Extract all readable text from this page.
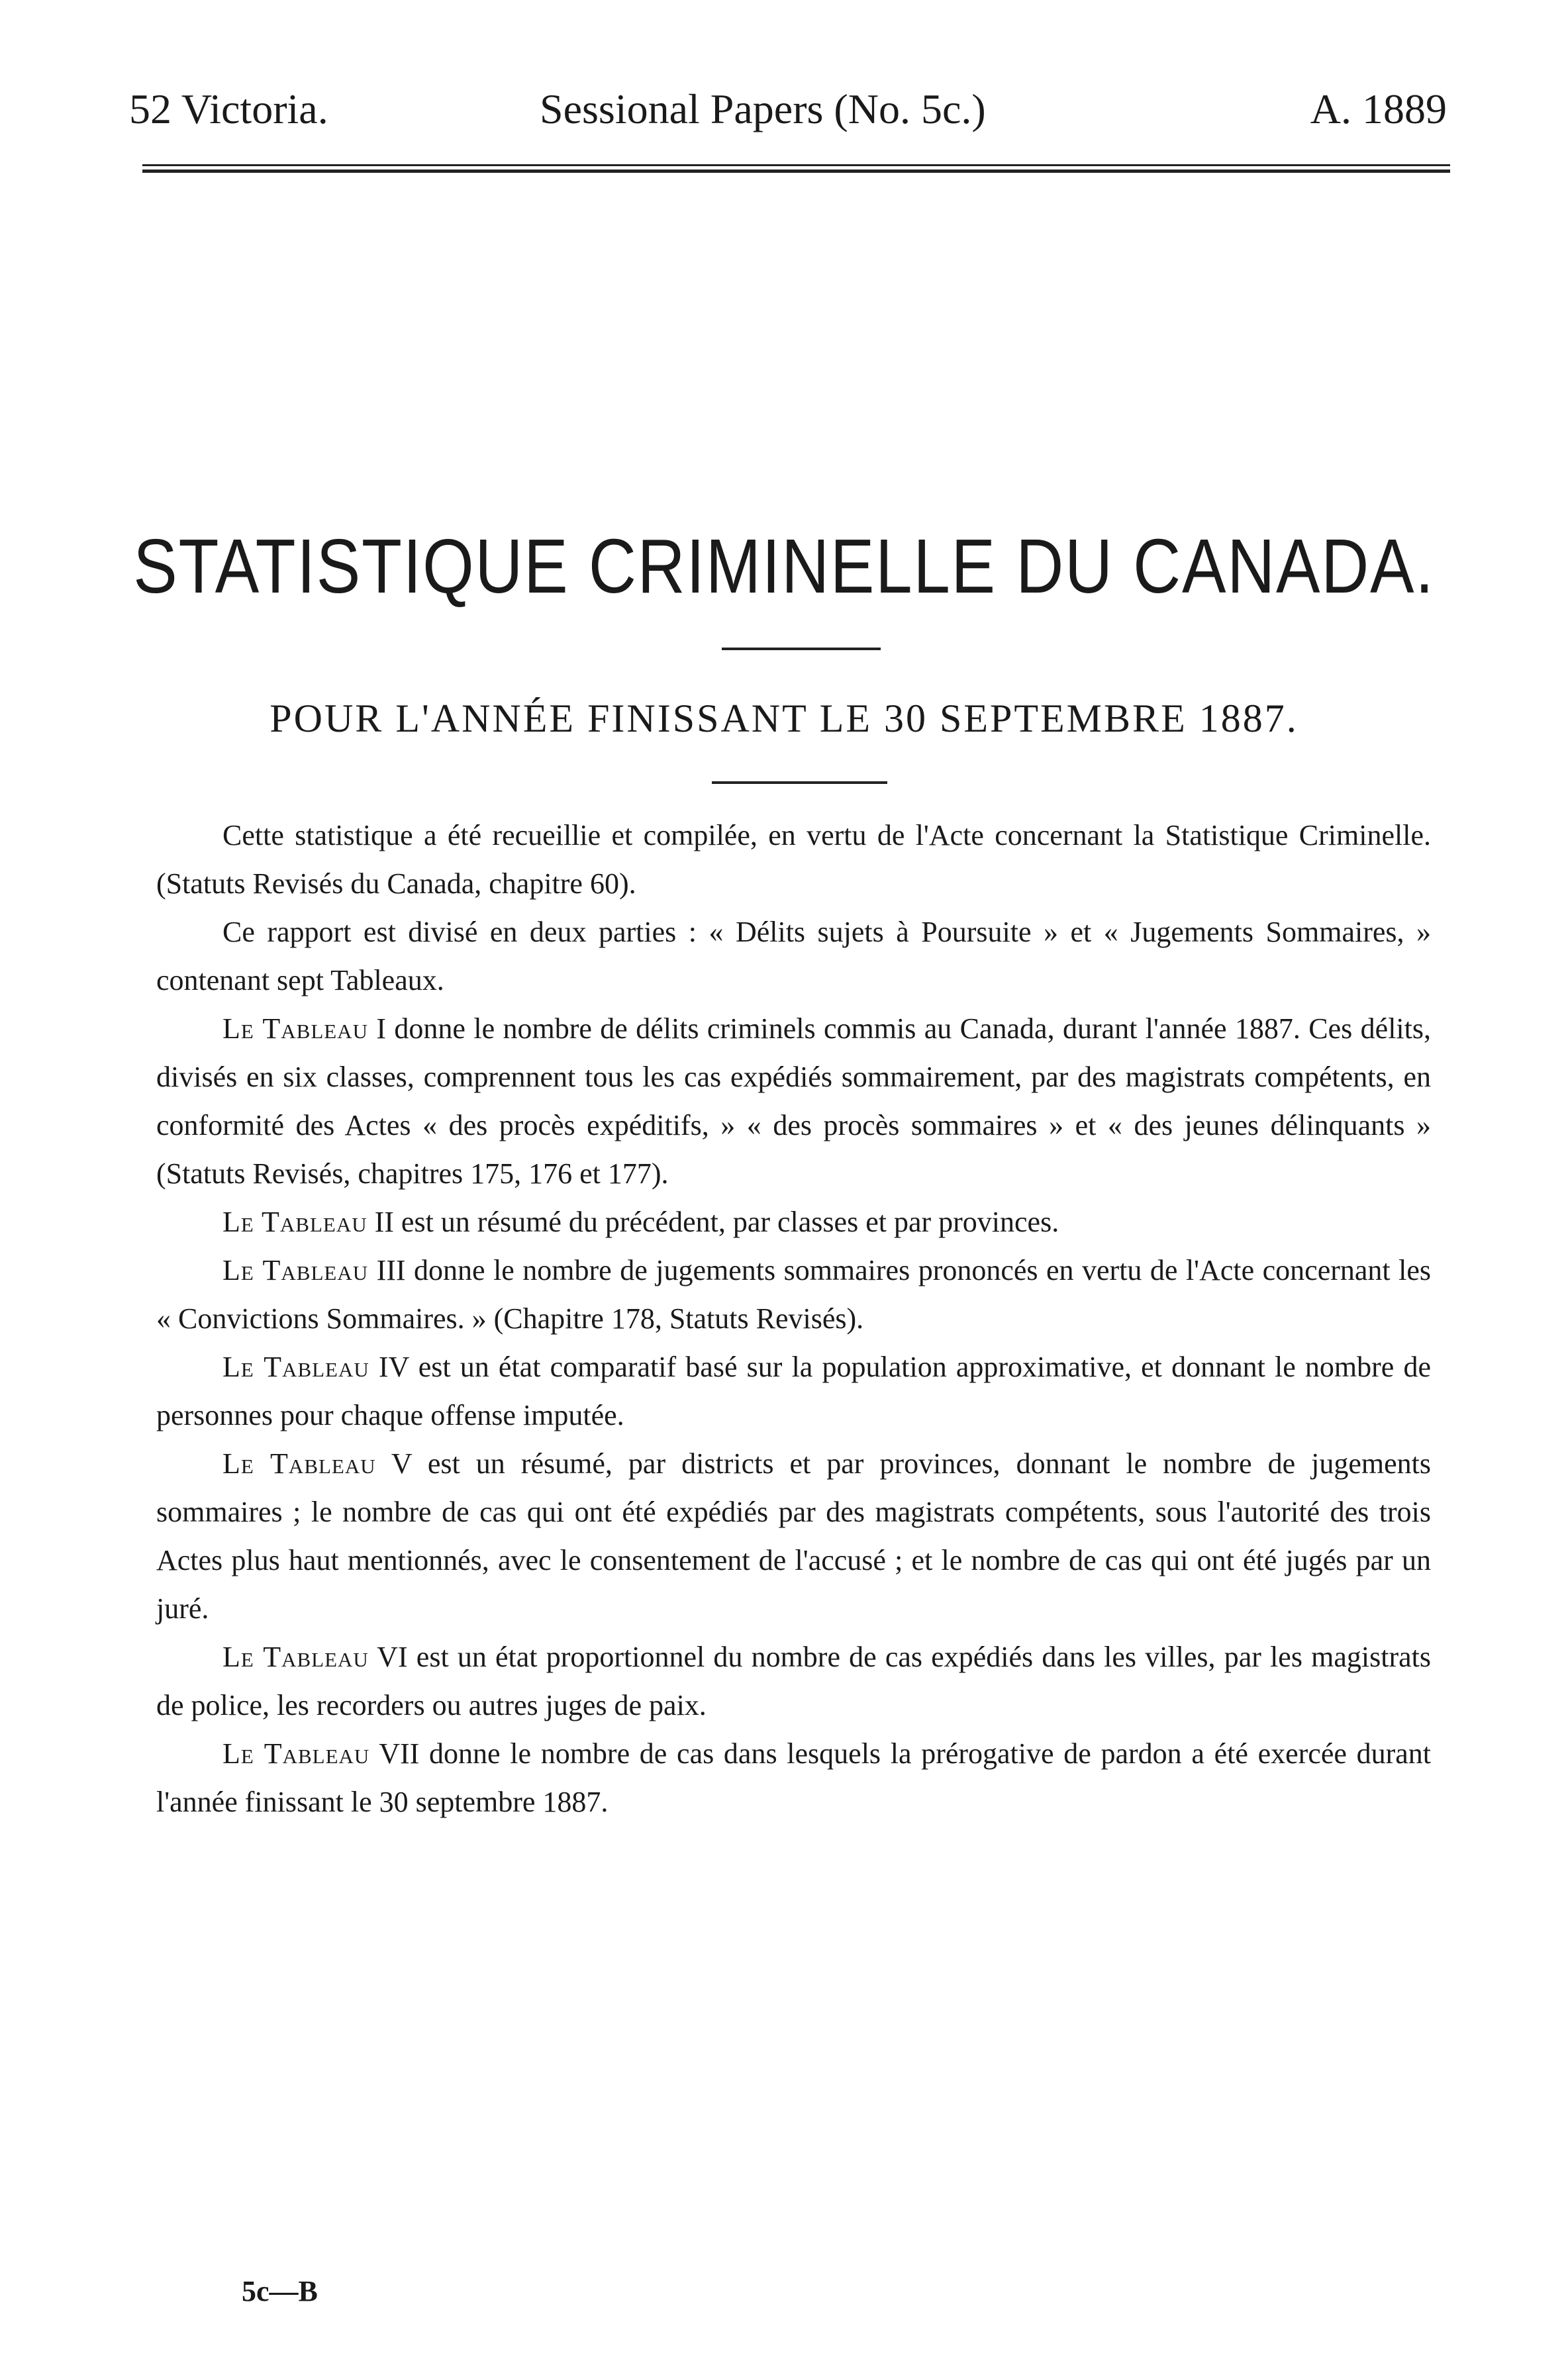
52 Victoria.	Sessional Papers (No. 5c.)	A. 1889
STATISTIQUE CRIMINELLE DU CANADA.
POUR L'ANNÉE FINISSANT LE 30 SEPTEMBRE 1887.

Cette statistique a été recueillie et compilée, en vertu de l'Acte concernant la Statistique Criminelle. (Statuts Revisés du Canada, chapitre 60).

Ce rapport est divisé en deux parties : « Délits sujets à Poursuite » et « Jugements Sommaires, » contenant sept Tableaux.

Le Tableau I donne le nombre de délits criminels commis au Canada, durant l'année 1887. Ces délits, divisés en six classes, comprennent tous les cas expédiés sommairement, par des magistrats compétents, en conformité des Actes « des procès expéditifs, » « des procès sommaires » et « des jeunes délinquants » (Statuts Revisés, chapitres 175, 176 et 177).

Le Tableau II est un résumé du précédent, par classes et par provinces.

Le Tableau III donne le nombre de jugements sommaires prononcés en vertu de l'Acte concernant les « Convictions Sommaires. » (Chapitre 178, Statuts Revisés).

Le Tableau IV est un état comparatif basé sur la population approximative, et donnant le nombre de personnes pour chaque offense imputée.

Le Tableau V est un résumé, par districts et par provinces, donnant le nombre de jugements sommaires ; le nombre de cas qui ont été expédiés par des magistrats compétents, sous l'autorité des trois Actes plus haut mentionnés, avec le consentement de l'accusé ; et le nombre de cas qui ont été jugés par un juré.

Le Tableau VI est un état proportionnel du nombre de cas expédiés dans les villes, par les magistrats de police, les recorders ou autres juges de paix.

Le Tableau VII donne le nombre de cas dans lesquels la prérogative de pardon a été exercée durant l'année finissant le 30 septembre 1887.

5c—B
